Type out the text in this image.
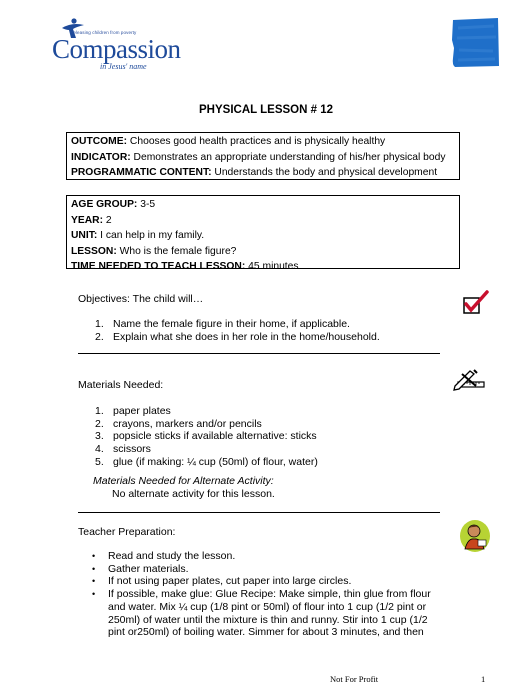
Releasing children from poverty
Compassion
in Jesus' name
PHYSICAL LESSON # 12
OUTCOME: Chooses good health practices and is physically healthy
INDICATOR: Demonstrates an appropriate understanding of his/her physical body
PROGRAMMATIC CONTENT: Understands the body and physical development
AGE GROUP: 3-5
YEAR: 2
UNIT: I can help in my family.
LESSON: Who is the female figure?
TIME NEEDED TO TEACH LESSON: 45 minutes
Objectives: The child will…
1. Name the female figure in their home, if applicable.
2. Explain what she does in her role in the home/household.
Materials Needed:
1. paper plates
2. crayons, markers and/or pencils
3. popsicle sticks if available alternative: sticks
4. scissors
5. glue (if making: ¼ cup (50ml) of flour, water)
Materials Needed for Alternate Activity:
No alternate activity for this lesson.
Teacher Preparation:
• Read and study the lesson.
• Gather materials.
• If not using paper plates, cut paper into large circles.
• If possible, make glue: Glue Recipe: Make simple, thin glue from flour and water. Mix ¼ cup (1/8 pint or 50ml) of flour into 1 cup (1/2 pint or 250ml) of water until the mixture is thin and runny. Stir into 1 cup (1/2 pint or250ml) of boiling water. Simmer for about 3 minutes, and then
Not For Profit	1
